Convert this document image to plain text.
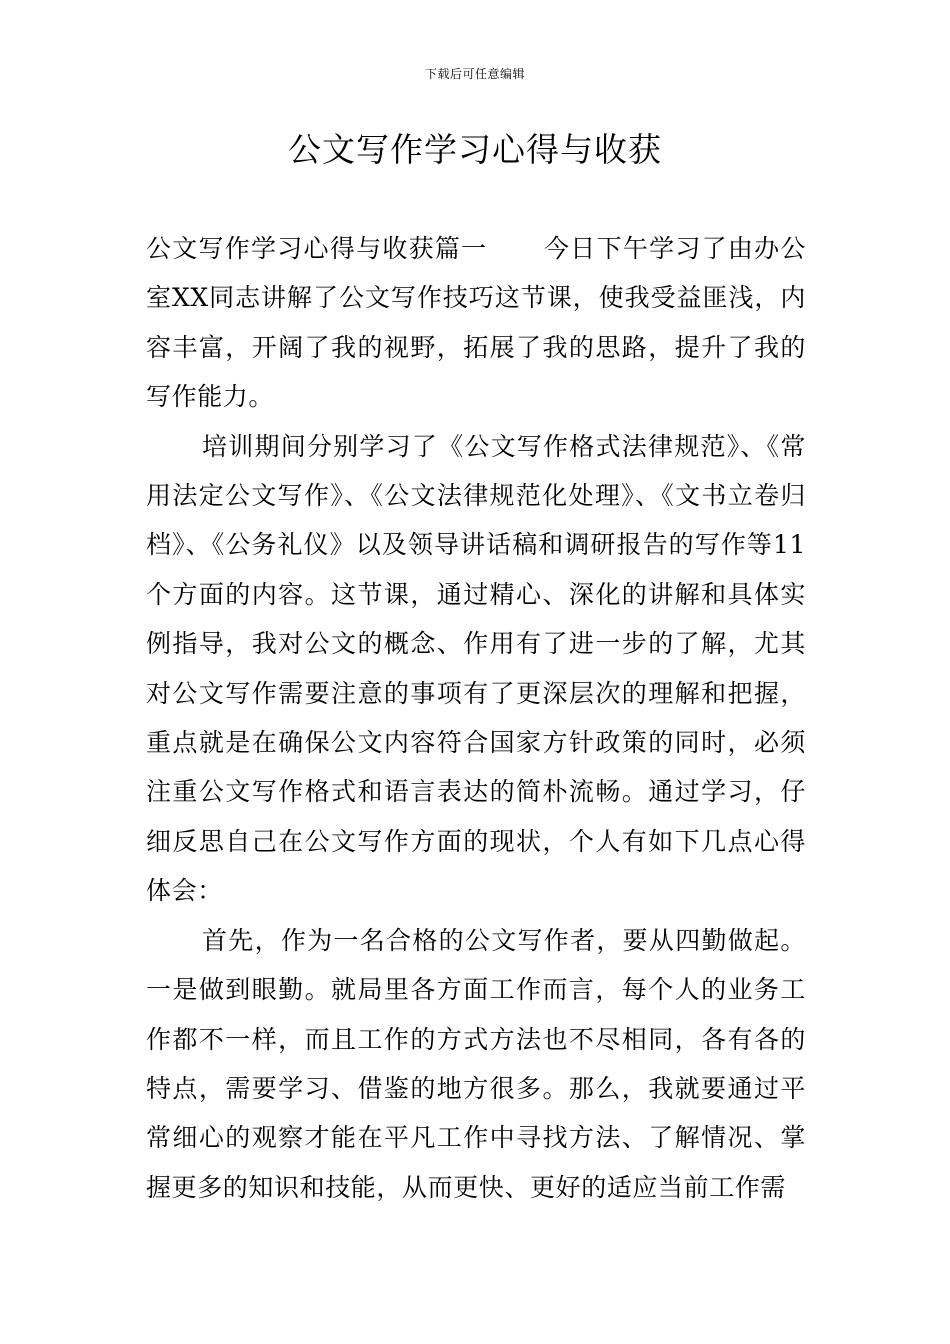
下载后可任意编辑
公文写作学习心得与收获

公文写作学习心得与收获篇一 今日下午学习了由办公室XX同志讲解了公文写作技巧这节课，使我受益匪浅，内容丰富，开阔了我的视野，拓展了我的思路，提升了我的写作能力。

培训期间分别学习了《公文写作格式法律规范》、《常用法定公文写作》、《公文法律规范化处理》、《文书立卷归档》、《公务礼仪》以及领导讲话稿和调研报告的写作等11个方面的内容。这节课，通过精心、深化的讲解和具体实例指导，我对公文的概念、作用有了进一步的了解，尤其对公文写作需要注意的事项有了更深层次的理解和把握，重点就是在确保公文内容符合国家方针政策的同时，必须注重公文写作格式和语言表达的简朴流畅。通过学习，仔细反思自己在公文写作方面的现状，个人有如下几点心得体会：

首先，作为一名合格的公文写作者，要从四勤做起。一是做到眼勤。就局里各方面工作而言，每个人的业务工作都不一样，而且工作的方式方法也不尽相同，各有各的特点，需要学习、借鉴的地方很多。那么，我就要通过平常细心的观察才能在平凡工作中寻找方法、了解情况、掌握更多的知识和技能，从而更快、更好的适应当前工作需
